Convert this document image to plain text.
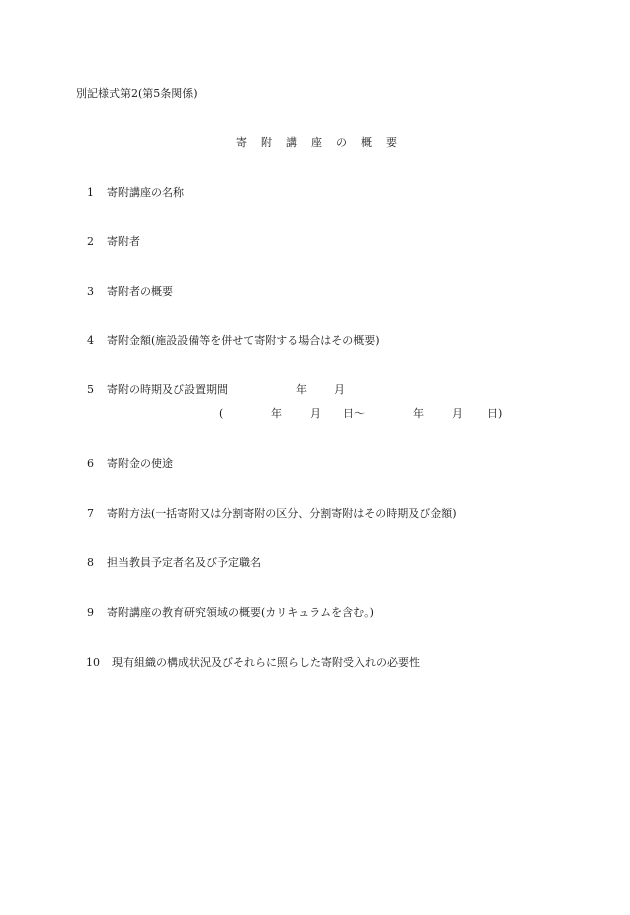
別記様式第2(第5条関係)
寄 附 講 座 の 概 要
1 寄附講座の名称
2 寄附者
3 寄附者の概要
4 寄附金額(施設設備等を併せて寄附する場合はその概要)
5 寄附の時期及び設置期間	年 月
(	年	月 日〜	年	月 日)
6 寄附金の使途
7 寄附方法(一括寄附又は分割寄附の区分、分割寄附はその時期及び金額)
8 担当教員予定者名及び予定職名
9 寄附講座の教育研究領域の概要(カリキュラムを含む。)
10 現有組織の構成状況及びそれらに照らした寄附受入れの必要性
